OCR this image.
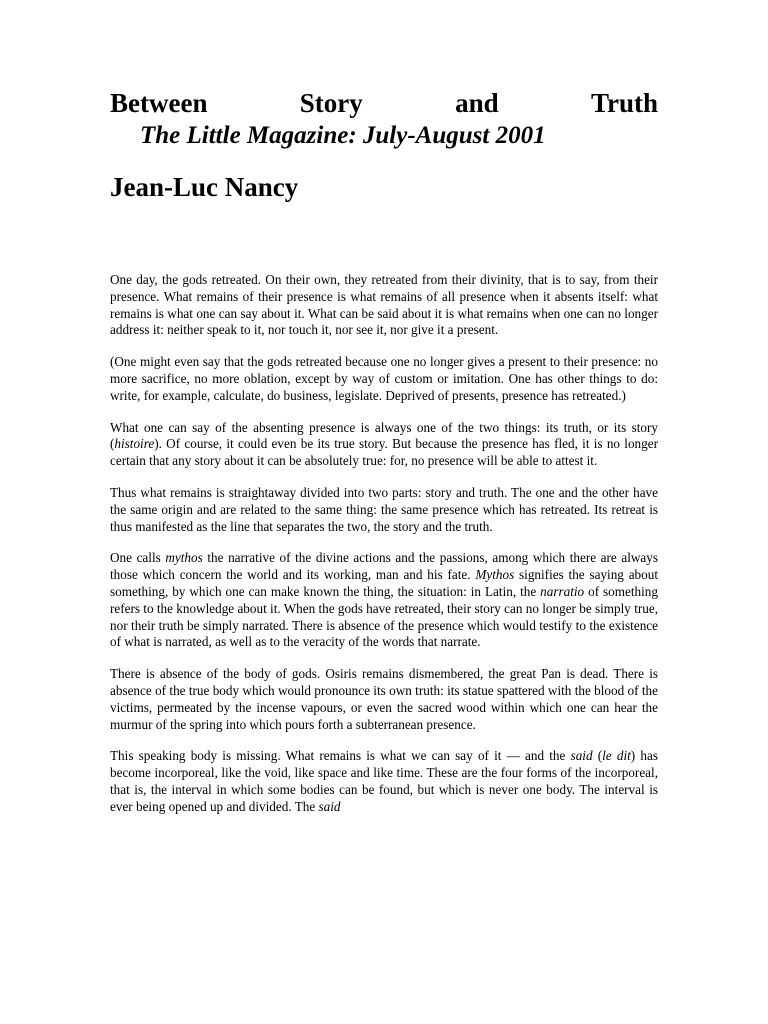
Between	Story	and	Truth
The Little Magazine: July-August 2001
Jean-Luc Nancy

One day, the gods retreated. On their own, they retreated from their divinity, that is to say, from their presence. What remains of their presence is what remains of all presence when it absents itself: what remains is what one can say about it. What can be said about it is what remains when one can no longer address it: neither speak to it, nor touch it, nor see it, nor give it a present.

(One might even say that the gods retreated because one no longer gives a present to their presence: no more sacrifice, no more oblation, except by way of custom or imitation. One has other things to do: write, for example, calculate, do business, legislate. Deprived of presents, presence has retreated.)

What one can say of the absenting presence is always one of the two things: its truth, or its story (histoire). Of course, it could even be its true story. But because the presence has fled, it is no longer certain that any story about it can be absolutely true: for, no presence will be able to attest it.

Thus what remains is straightaway divided into two parts: story and truth. The one and the other have the same origin and are related to the same thing: the same presence which has retreated. Its retreat is thus manifested as the line that separates the two, the story and the truth.

One calls mythos the narrative of the divine actions and the passions, among which there are always those which concern the world and its working, man and his fate. Mythos signifies the saying about something, by which one can make known the thing, the situation: in Latin, the narratio of something refers to the knowledge about it. When the gods have retreated, their story can no longer be simply true, nor their truth be simply narrated. There is absence of the presence which would testify to the existence of what is narrated, as well as to the veracity of the words that narrate.

There is absence of the body of gods. Osiris remains dismembered, the great Pan is dead. There is absence of the true body which would pronounce its own truth: its statue spattered with the blood of the victims, permeated by the incense vapours, or even the sacred wood within which one can hear the murmur of the spring into which pours forth a subterranean presence.

This speaking body is missing. What remains is what we can say of it — and the said (le dit) has become incorporeal, like the void, like space and like time. These are the four forms of the incorporeal, that is, the interval in which some bodies can be found, but which is never one body. The interval is ever being opened up and divided. The said
